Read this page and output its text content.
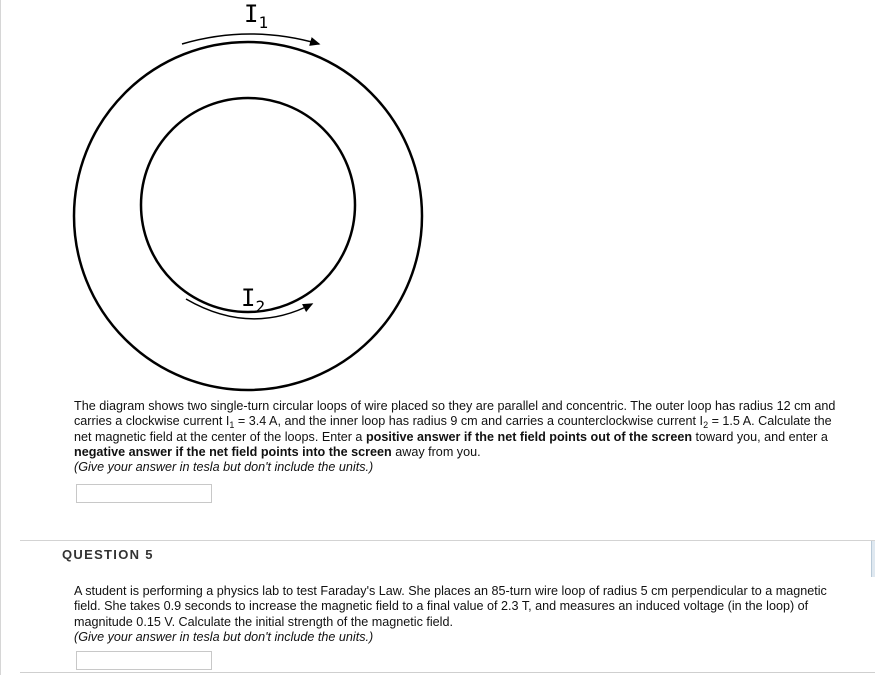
$I_1$
$I_2$

The diagram shows two single-turn circular loops of wire placed so they are parallel and concentric. The outer loop has radius 12 cm and carries a clockwise current $I_1 = 3.4$ A, and the inner loop has radius 9 cm and carries a counterclockwise current $I_2 = 1.5$ A. Calculate the net magnetic field at the center of the loops. Enter a positive answer if the net field points out of the screen toward you, and enter a negative answer if the net field points into the screen away from you.

(Give your answer in tesla but don't include the units.)

QUESTION 5

A student is performing a physics lab to test Faraday's Law. She places an 85-turn wire loop of radius 5 cm perpendicular to a magnetic field. She takes 0.9 seconds to increase the magnetic field to a final value of 2.3 T, and measures an induced voltage (in the loop) of magnitude 0.15 V. Calculate the initial strength of the magnetic field.

(Give your answer in tesla but don't include the units.)
